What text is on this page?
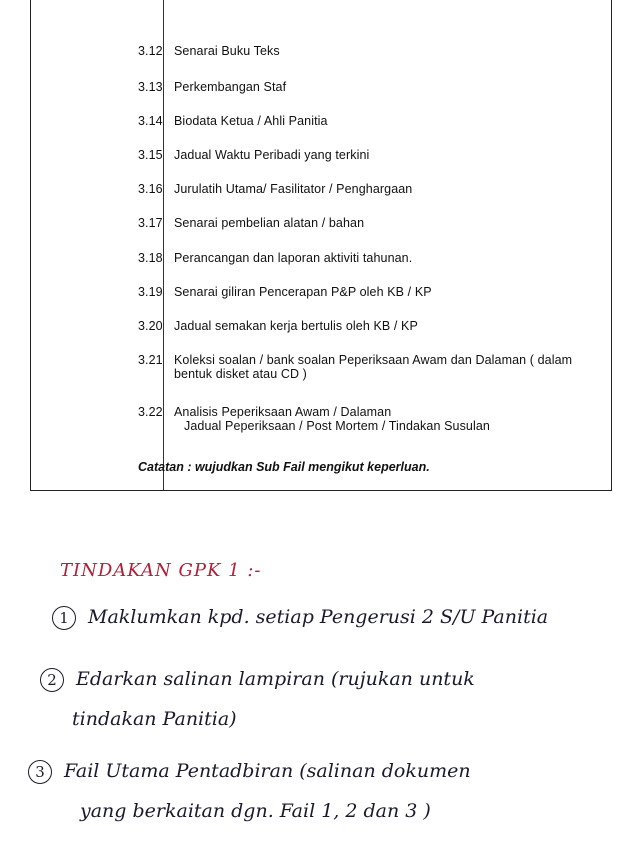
3.12 Senarai Buku Teks
3.13 Perkembangan Staf
3.14 Biodata Ketua / Ahli Panitia
3.15 Jadual Waktu Peribadi yang terkini
3.16 Jurulatih Utama/ Fasilitator / Penghargaan
3.17 Senarai pembelian alatan / bahan
3.18 Perancangan dan laporan aktiviti tahunan.
3.19 Senarai giliran Pencerapan P&P oleh KB / KP
3.20 Jadual semakan kerja bertulis oleh KB / KP
3.21 Koleksi soalan / bank soalan Peperiksaan Awam dan Dalaman ( dalam
bentuk disket atau CD )
3.22 Analisis Peperiksaan Awam / Dalaman
Jadual Peperiksaan / Post Mortem / Tindakan Susulan
Catatan : wujudkan Sub Fail mengikut keperluan.
TINDAKAN GPK 1 :-
1 Maklumkan kpd. setiap Pengerusi 2 S/U Panitia
2 Edarkan salinan lampiran (rujukan untuk
tindakan Panitia)
3 Fail Utama Pentadbiran (salinan dokumen
yang berkaitan dgn. Fail 1, 2 dan 3 )
